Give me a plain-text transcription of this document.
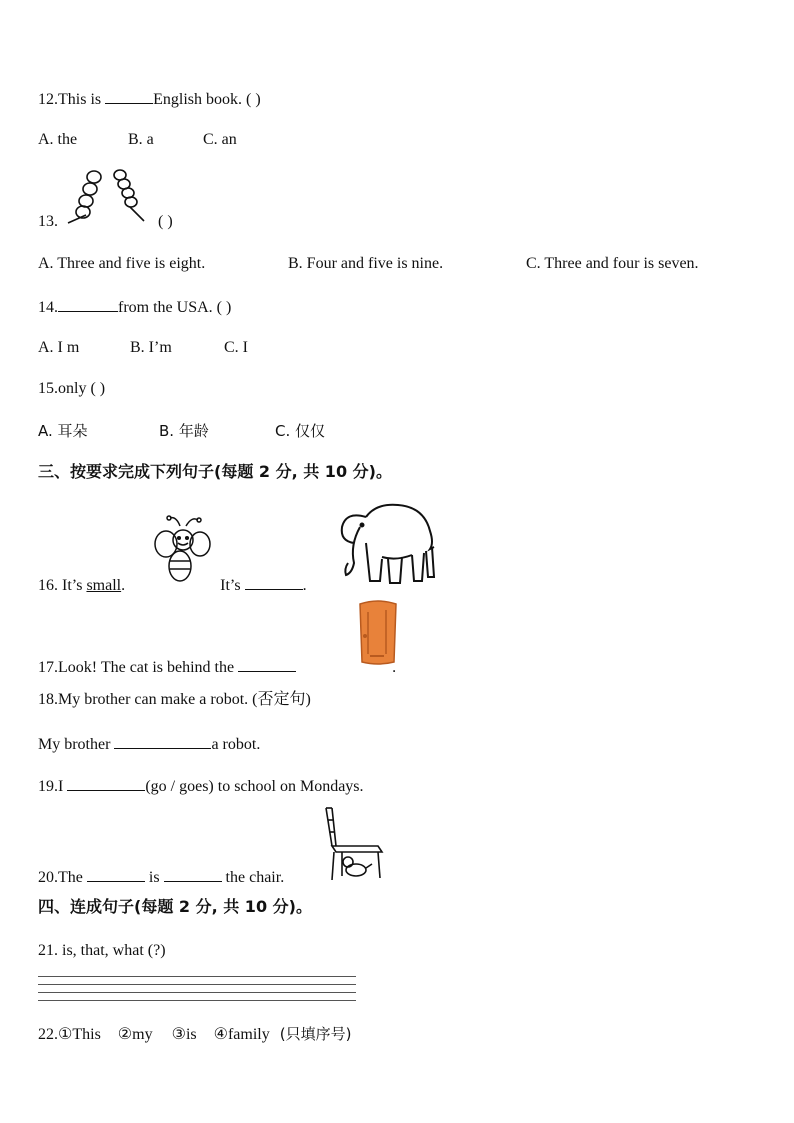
12.This is	English book. ( )
A. the	B. a	C. an
13.	( )
A. Three and five is eight.	B. Four and five is nine.	C. Three and four is seven.
14.	from the USA. ( )
A. I m	B. I’m	C. I
15.only ( )
A. 耳朵	B. 年龄	C. 仅仅
三、按要求完成下列句子(每题 2 分, 共 10 分)。
16. It’s small.	It’s	.
17.Look! The cat is behind the	.
18.My brother can make a robot. (否定句)
My brother	a robot.
19.I	(go / goes) to school on Mondays.
20.The	is	the chair.
四、连成句子(每题 2 分, 共 10 分)。
21. is, that, what (?)
22.①This ②my ③is ④family (只填序号)
